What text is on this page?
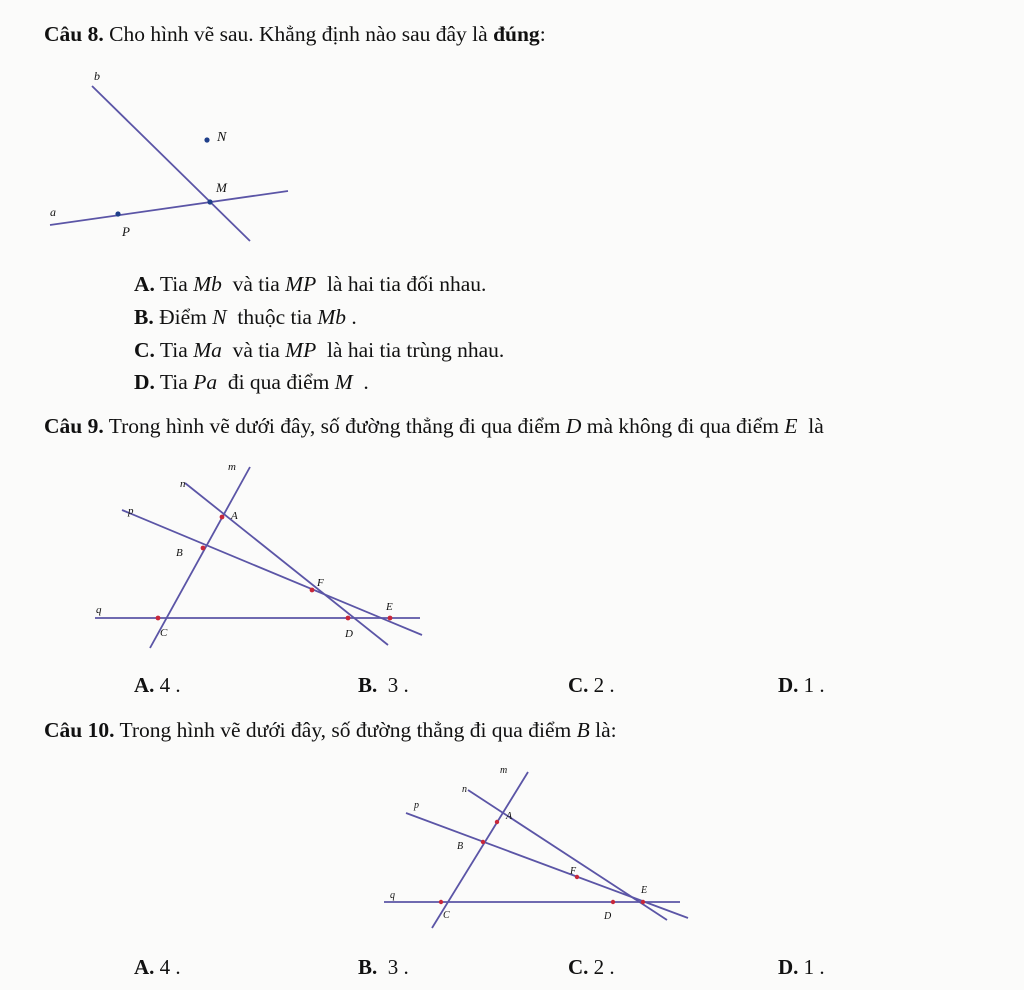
Câu 8. Cho hình vẽ sau. Khẳng định nào sau đây là đúng:
b
N
M
a
P
A. Tia Mb  và tia MP  là hai tia đối nhau.
B. Điểm N  thuộc tia Mb .
C. Tia Ma  và tia MP  là hai tia trùng nhau.
D. Tia Pa  đi qua điểm M  .
Câu 9. Trong hình vẽ dưới đây, số đường thẳng đi qua điểm D mà không đi qua điểm E  là
m
n
p	A
B
F
q	E
C	D
A. 4 .	B. 3 .	C. 2 .	D. 1 .
Câu 10. Trong hình vẽ dưới đây, số đường thẳng đi qua điểm B là:
m
n
p
A
B
F
q	E
C	D
A. 4 .	B. 3 .	C. 2 .	D. 1 .
